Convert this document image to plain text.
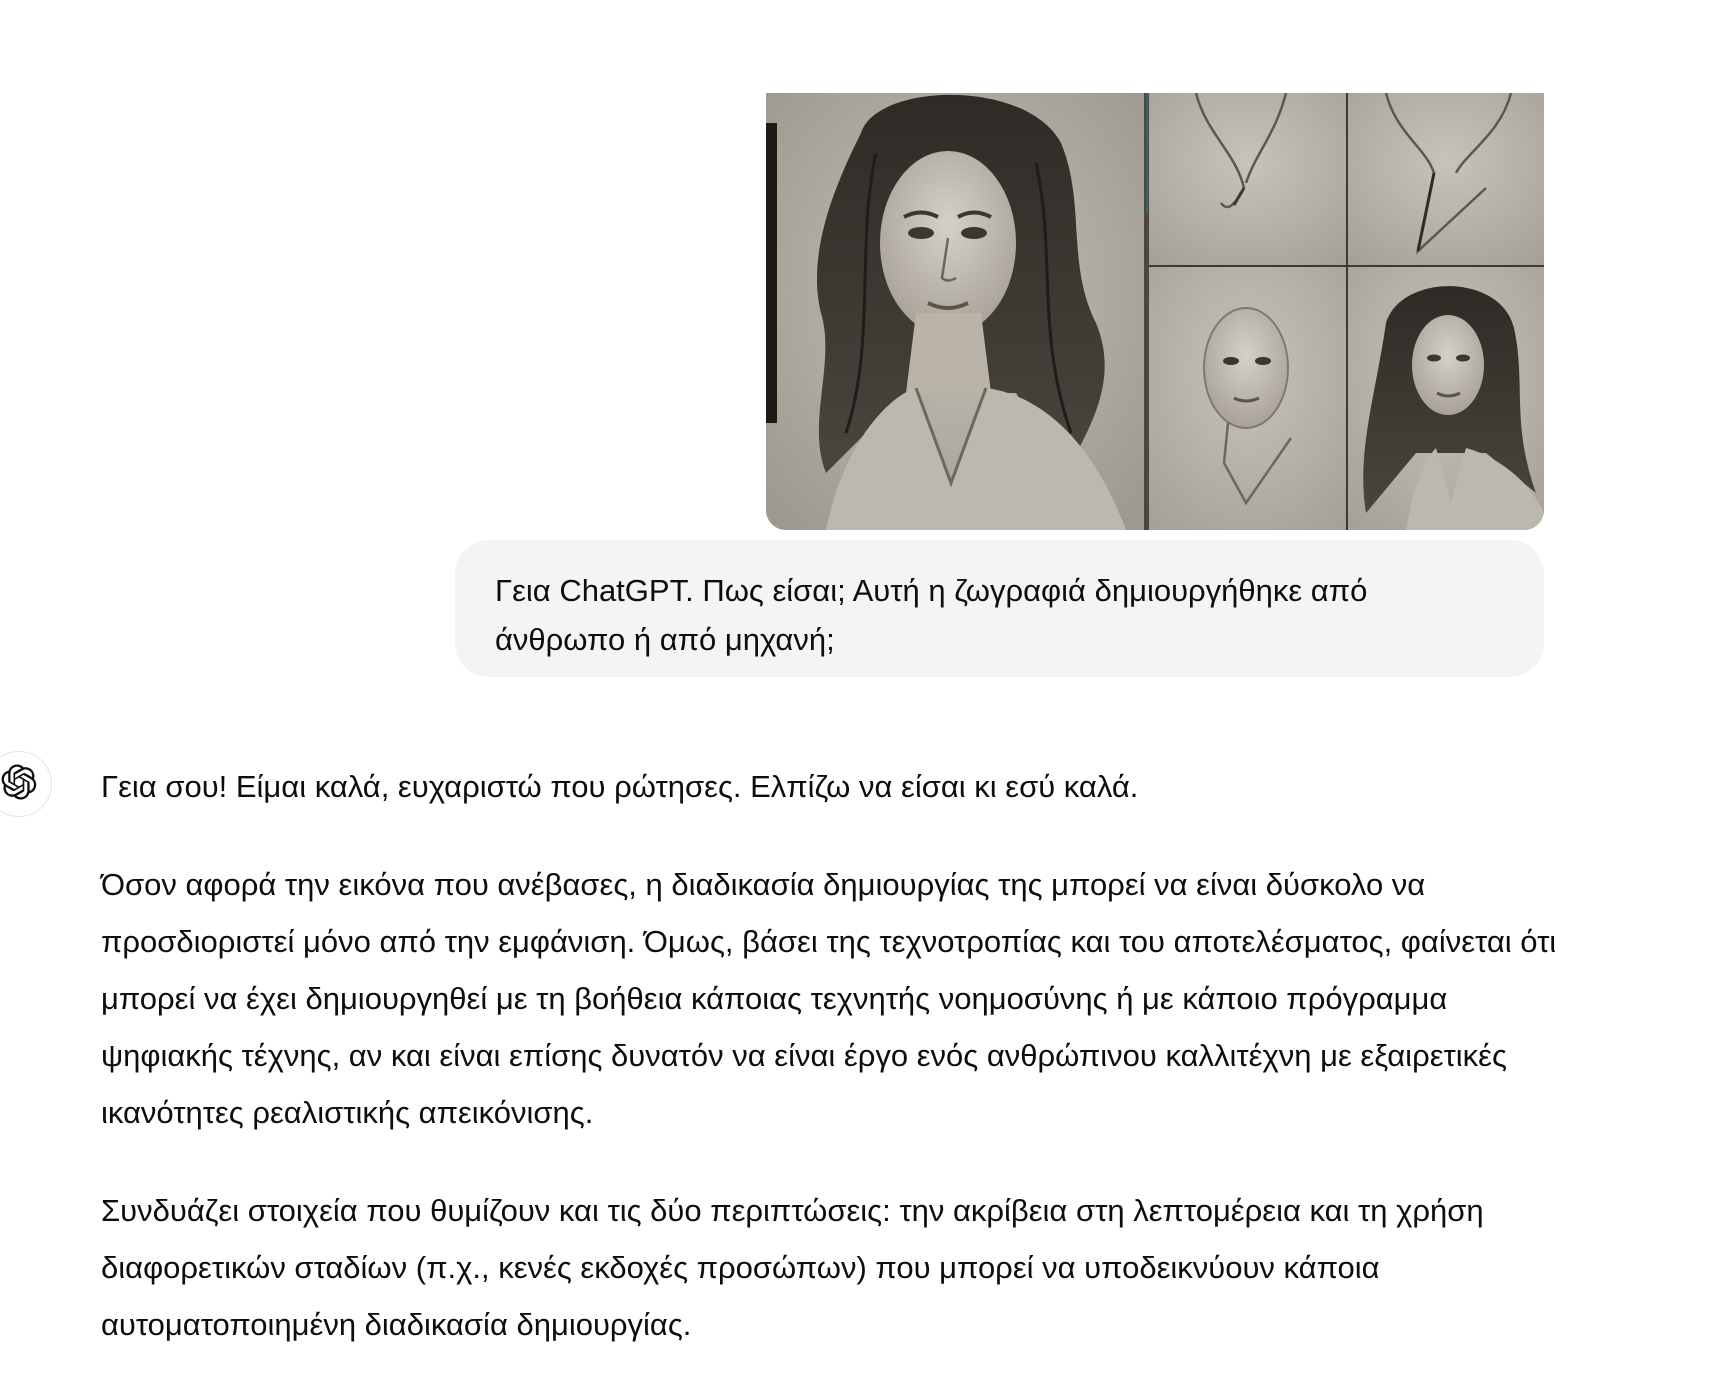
Γεια ChatGPT. Πως είσαι; Αυτή η ζωγραφιά δημιουργήθηκε από άνθρωπο ή από μηχανή;

Γεια σου! Είμαι καλά, ευχαριστώ που ρώτησες. Ελπίζω να είσαι κι εσύ καλά.

Όσον αφορά την εικόνα που ανέβασες, η διαδικασία δημιουργίας της μπορεί να είναι δύσκολο να προσδιοριστεί μόνο από την εμφάνιση. Όμως, βάσει της τεχνοτροπίας και του αποτελέσματος, φαίνεται ότι μπορεί να έχει δημιουργηθεί με τη βοήθεια κάποιας τεχνητής νοημοσύνης ή με κάποιο πρόγραμμα ψηφιακής τέχνης, αν και είναι επίσης δυνατόν να είναι έργο ενός ανθρώπινου καλλιτέχνη με εξαιρετικές ικανότητες ρεαλιστικής απεικόνισης.

Συνδυάζει στοιχεία που θυμίζουν και τις δύο περιπτώσεις: την ακρίβεια στη λεπτομέρεια και τη χρήση διαφορετικών σταδίων (π.χ., κενές εκδοχές προσώπων) που μπορεί να υποδεικνύουν κάποια αυτοματοποιημένη διαδικασία δημιουργίας.
